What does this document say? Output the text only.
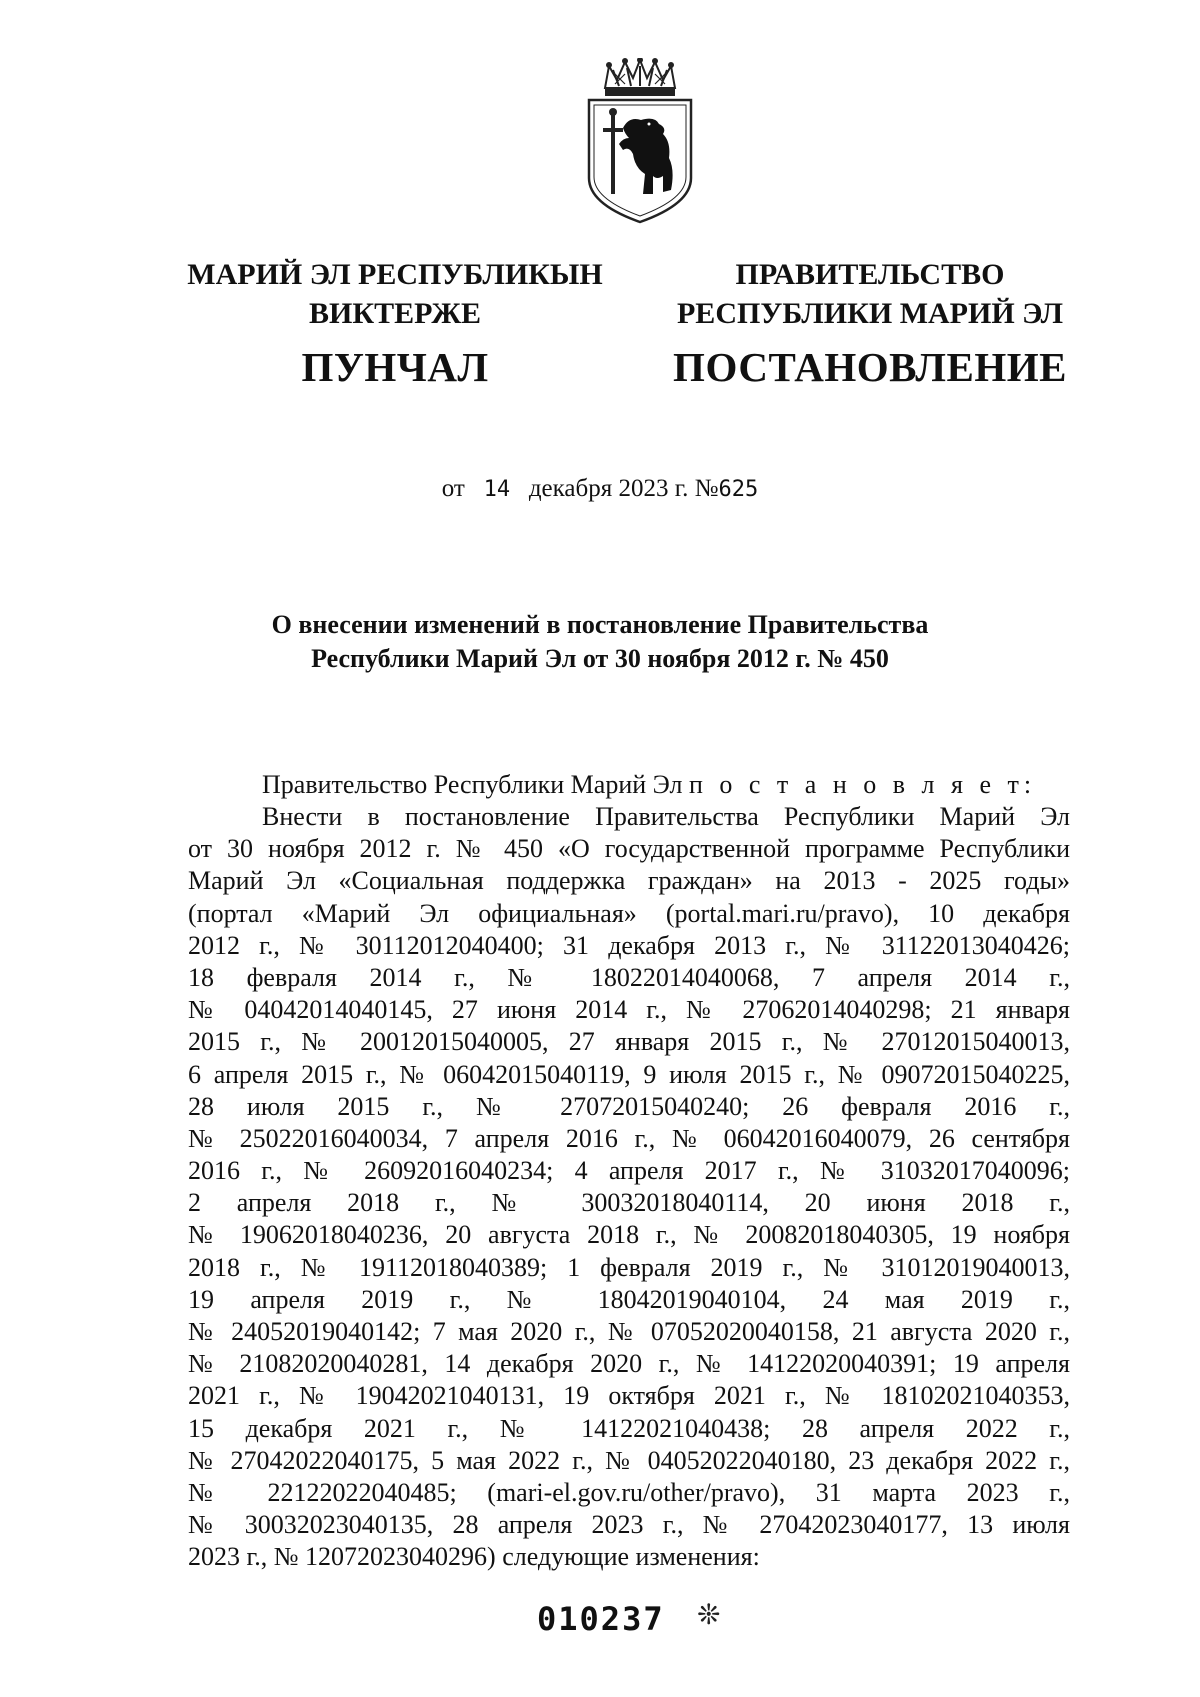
МАРИЙ ЭЛ РЕСПУБЛИКЫН
ВИКТЕРЖЕ
ПУНЧАЛ
ПРАВИТЕЛЬСТВО
РЕСПУБЛИКИ МАРИЙ ЭЛ
ПОСТАНОВЛЕНИЕ
от 14 декабря 2023 г. №625
О внесении изменений в постановление Правительства
Республики Марий Эл от 30 ноября 2012 г. № 450
Правительство Республики Марий Эл п о с т а н о в л я е т:
Внести в постановление Правительства Республики Марий Эл
от 30 ноября 2012 г. № 450 «О государственной программе Республики
Марий Эл «Социальная поддержка граждан» на 2013 - 2025 годы»
(портал «Марий Эл официальная» (portal.mari.ru/pravo), 10 декабря
2012 г., № 30112012040400; 31 декабря 2013 г., № 31122013040426;
18 февраля 2014 г., № 18022014040068, 7 апреля 2014 г.,
№ 04042014040145, 27 июня 2014 г., № 27062014040298; 21 января
2015 г., № 20012015040005, 27 января 2015 г., № 27012015040013,
6 апреля 2015 г., № 06042015040119, 9 июля 2015 г., № 09072015040225,
28 июля 2015 г., № 27072015040240; 26 февраля 2016 г.,
№ 25022016040034, 7 апреля 2016 г., № 06042016040079, 26 сентября
2016 г., № 26092016040234; 4 апреля 2017 г., № 31032017040096;
2 апреля 2018 г., № 30032018040114, 20 июня 2018 г.,
№ 19062018040236, 20 августа 2018 г., № 20082018040305, 19 ноября
2018 г., № 19112018040389; 1 февраля 2019 г., № 31012019040013,
19 апреля 2019 г., № 18042019040104, 24 мая 2019 г.,
№ 24052019040142; 7 мая 2020 г., № 07052020040158, 21 августа 2020 г.,
№ 21082020040281, 14 декабря 2020 г., № 14122020040391; 19 апреля
2021 г., № 19042021040131, 19 октября 2021 г., № 18102021040353,
15 декабря 2021 г., № 14122021040438; 28 апреля 2022 г.,
№ 27042022040175, 5 мая 2022 г., № 04052022040180, 23 декабря 2022 г.,
№ 22122022040485; (mari-el.gov.ru/other/pravo), 31 марта 2023 г.,
№ 30032023040135, 28 апреля 2023 г., № 27042023040177, 13 июля
2023 г., № 12072023040296) следующие изменения:
010237 ❊
